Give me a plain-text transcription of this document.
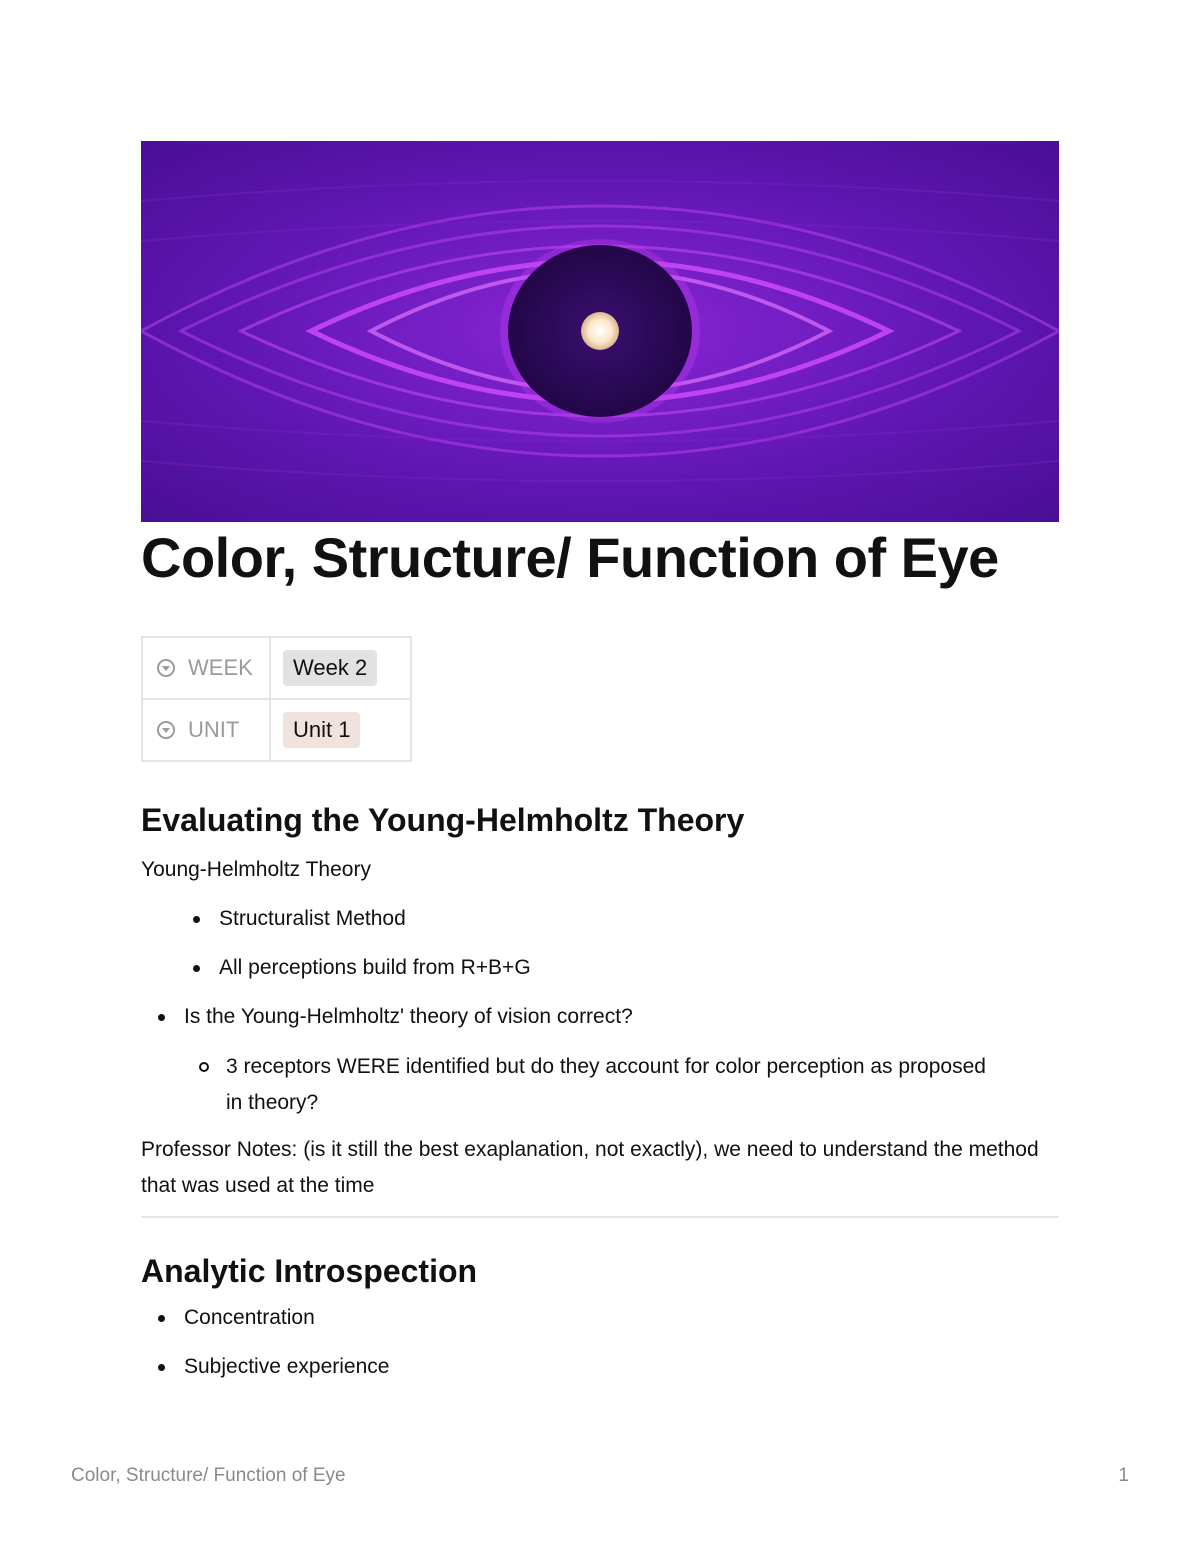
Color, Structure/ Function of Eye
WEEK	Week 2

UNIT	Unit 1
Evaluating the Young-Helmholtz Theory

Young-Helmholtz Theory

Structuralist Method
All perceptions build from R+B+G
Is the Young-Helmholtz' theory of vision correct?
3 receptors WERE identified but do they account for color perception as proposed in theory?

Professor Notes: (is it still the best exaplanation, not exactly), we need to understand the method that was used at the time

Analytic Introspection
Concentration
Subjective experience
Color, Structure/ Function of Eye	1
